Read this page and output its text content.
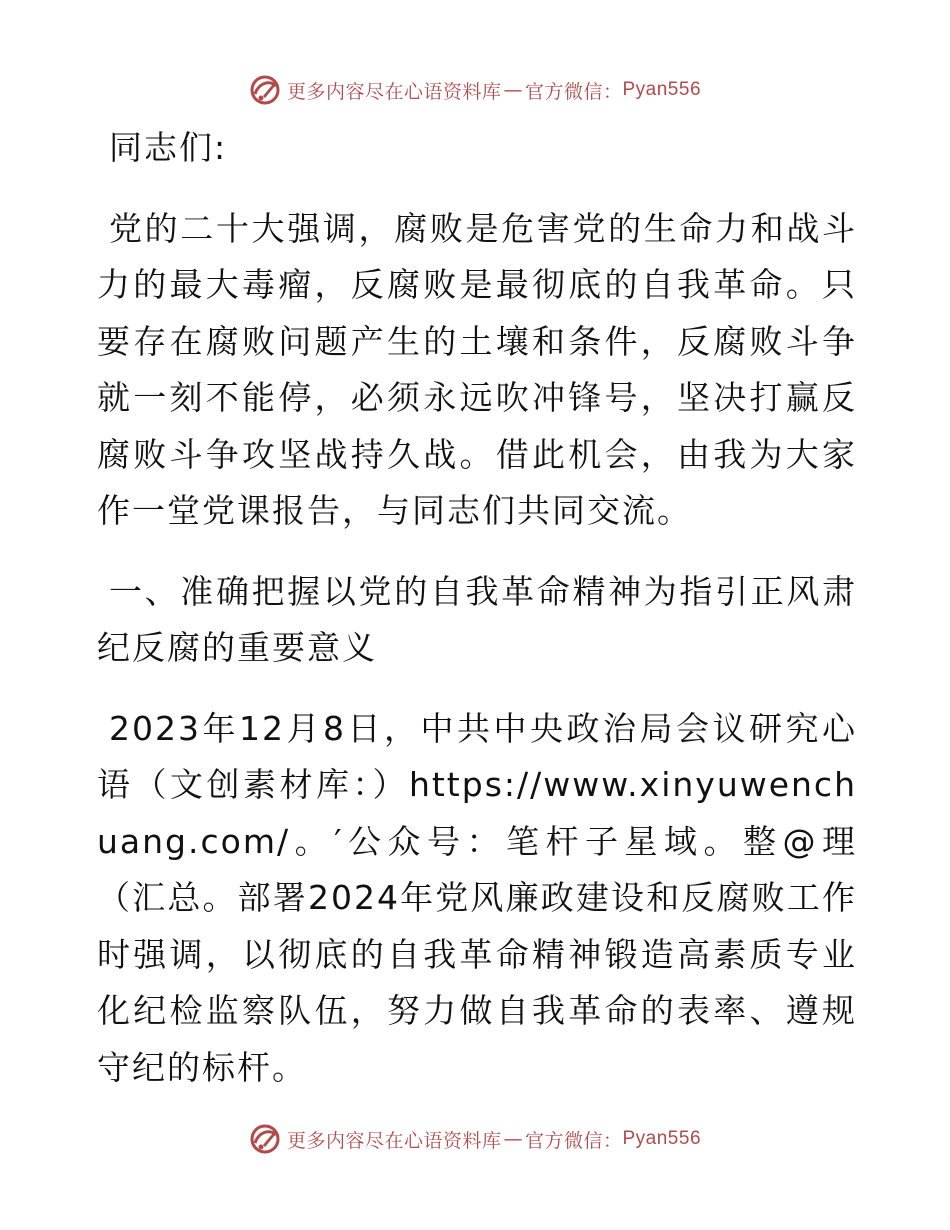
更多内容尽在心语资料库 — 官方微信： Pyan556

同志们:

党的二十大强调，腐败是危害党的生命力和战斗力的最大毒瘤，反腐败是最彻底的自我革命。只要存在腐败问题产生的土壤和条件，反腐败斗争就一刻不能停，必须永远吹冲锋号，坚决打赢反腐败斗争攻坚战持久战。借此机会，由我为大家作一堂党课报告，与同志们共同交流。

一、准确把握以党的自我革命精神为指引正风肃纪反腐的重要意义

2023年12月8日，中共中央政治局会议研究心语（文创素材库：）https://www.xinyuwenchuang.com/。′公众号：笔杆子星域。整@理（汇总。部署2024年党风廉政建设和反腐败工作时强调，以彻底的自我革命精神锻造高素质专业化纪检监察队伍，努力做自我革命的表率、遵规守纪的标杆。

更多内容尽在心语资料库 — 官方微信： Pyan556
